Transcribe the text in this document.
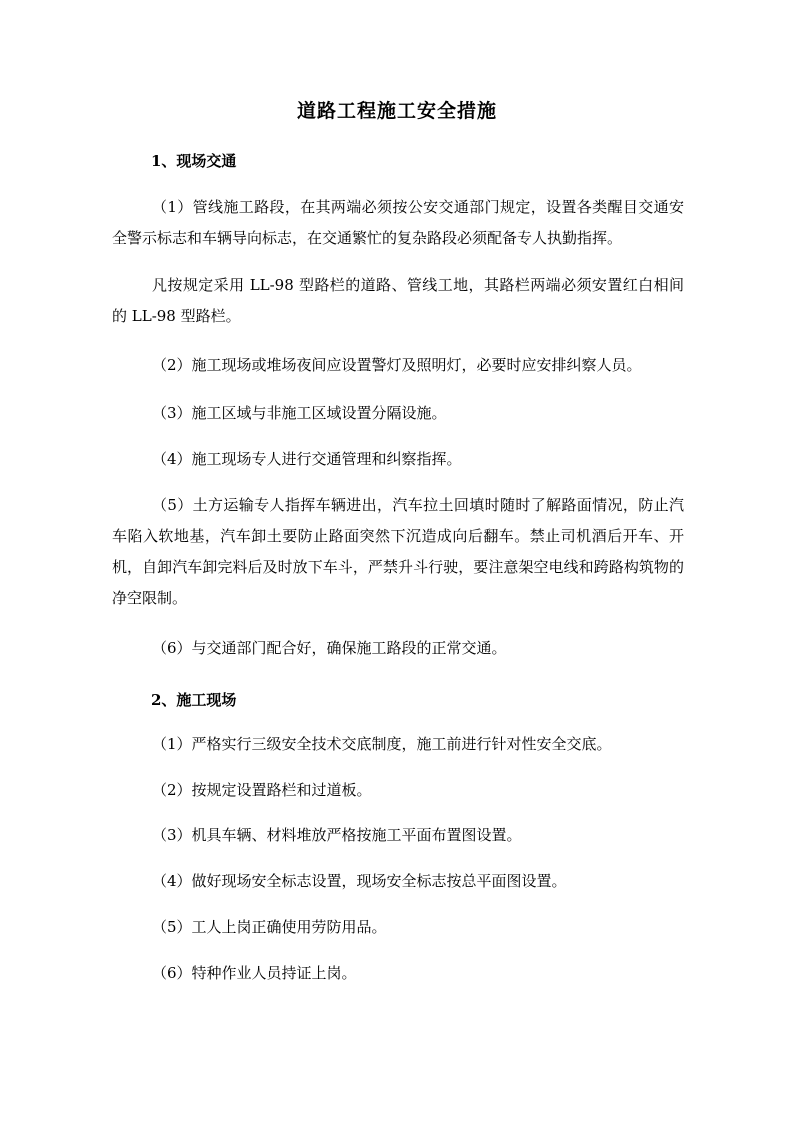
道路工程施工安全措施
1、现场交通

（1）管线施工路段，在其两端必须按公安交通部门规定，设置各类醒目交通安全警示标志和车辆导向标志，在交通繁忙的复杂路段必须配备专人执勤指挥。

凡按规定采用 LL-98 型路栏的道路、管线工地，其路栏两端必须安置红白相间的 LL-98 型路栏。

（2）施工现场或堆场夜间应设置警灯及照明灯，必要时应安排纠察人员。

（3）施工区域与非施工区域设置分隔设施。

（4）施工现场专人进行交通管理和纠察指挥。

（5）土方运输专人指挥车辆进出，汽车拉土回填时随时了解路面情况，防止汽车陷入软地基，汽车卸土要防止路面突然下沉造成向后翻车。禁止司机酒后开车、开机，自卸汽车卸完料后及时放下车斗，严禁升斗行驶，要注意架空电线和跨路构筑物的净空限制。

（6）与交通部门配合好，确保施工路段的正常交通。

2、施工现场

（1）严格实行三级安全技术交底制度，施工前进行针对性安全交底。

（2）按规定设置路栏和过道板。

（3）机具车辆、材料堆放严格按施工平面布置图设置。

（4）做好现场安全标志设置，现场安全标志按总平面图设置。

（5）工人上岗正确使用劳防用品。

（6）特种作业人员持证上岗。
